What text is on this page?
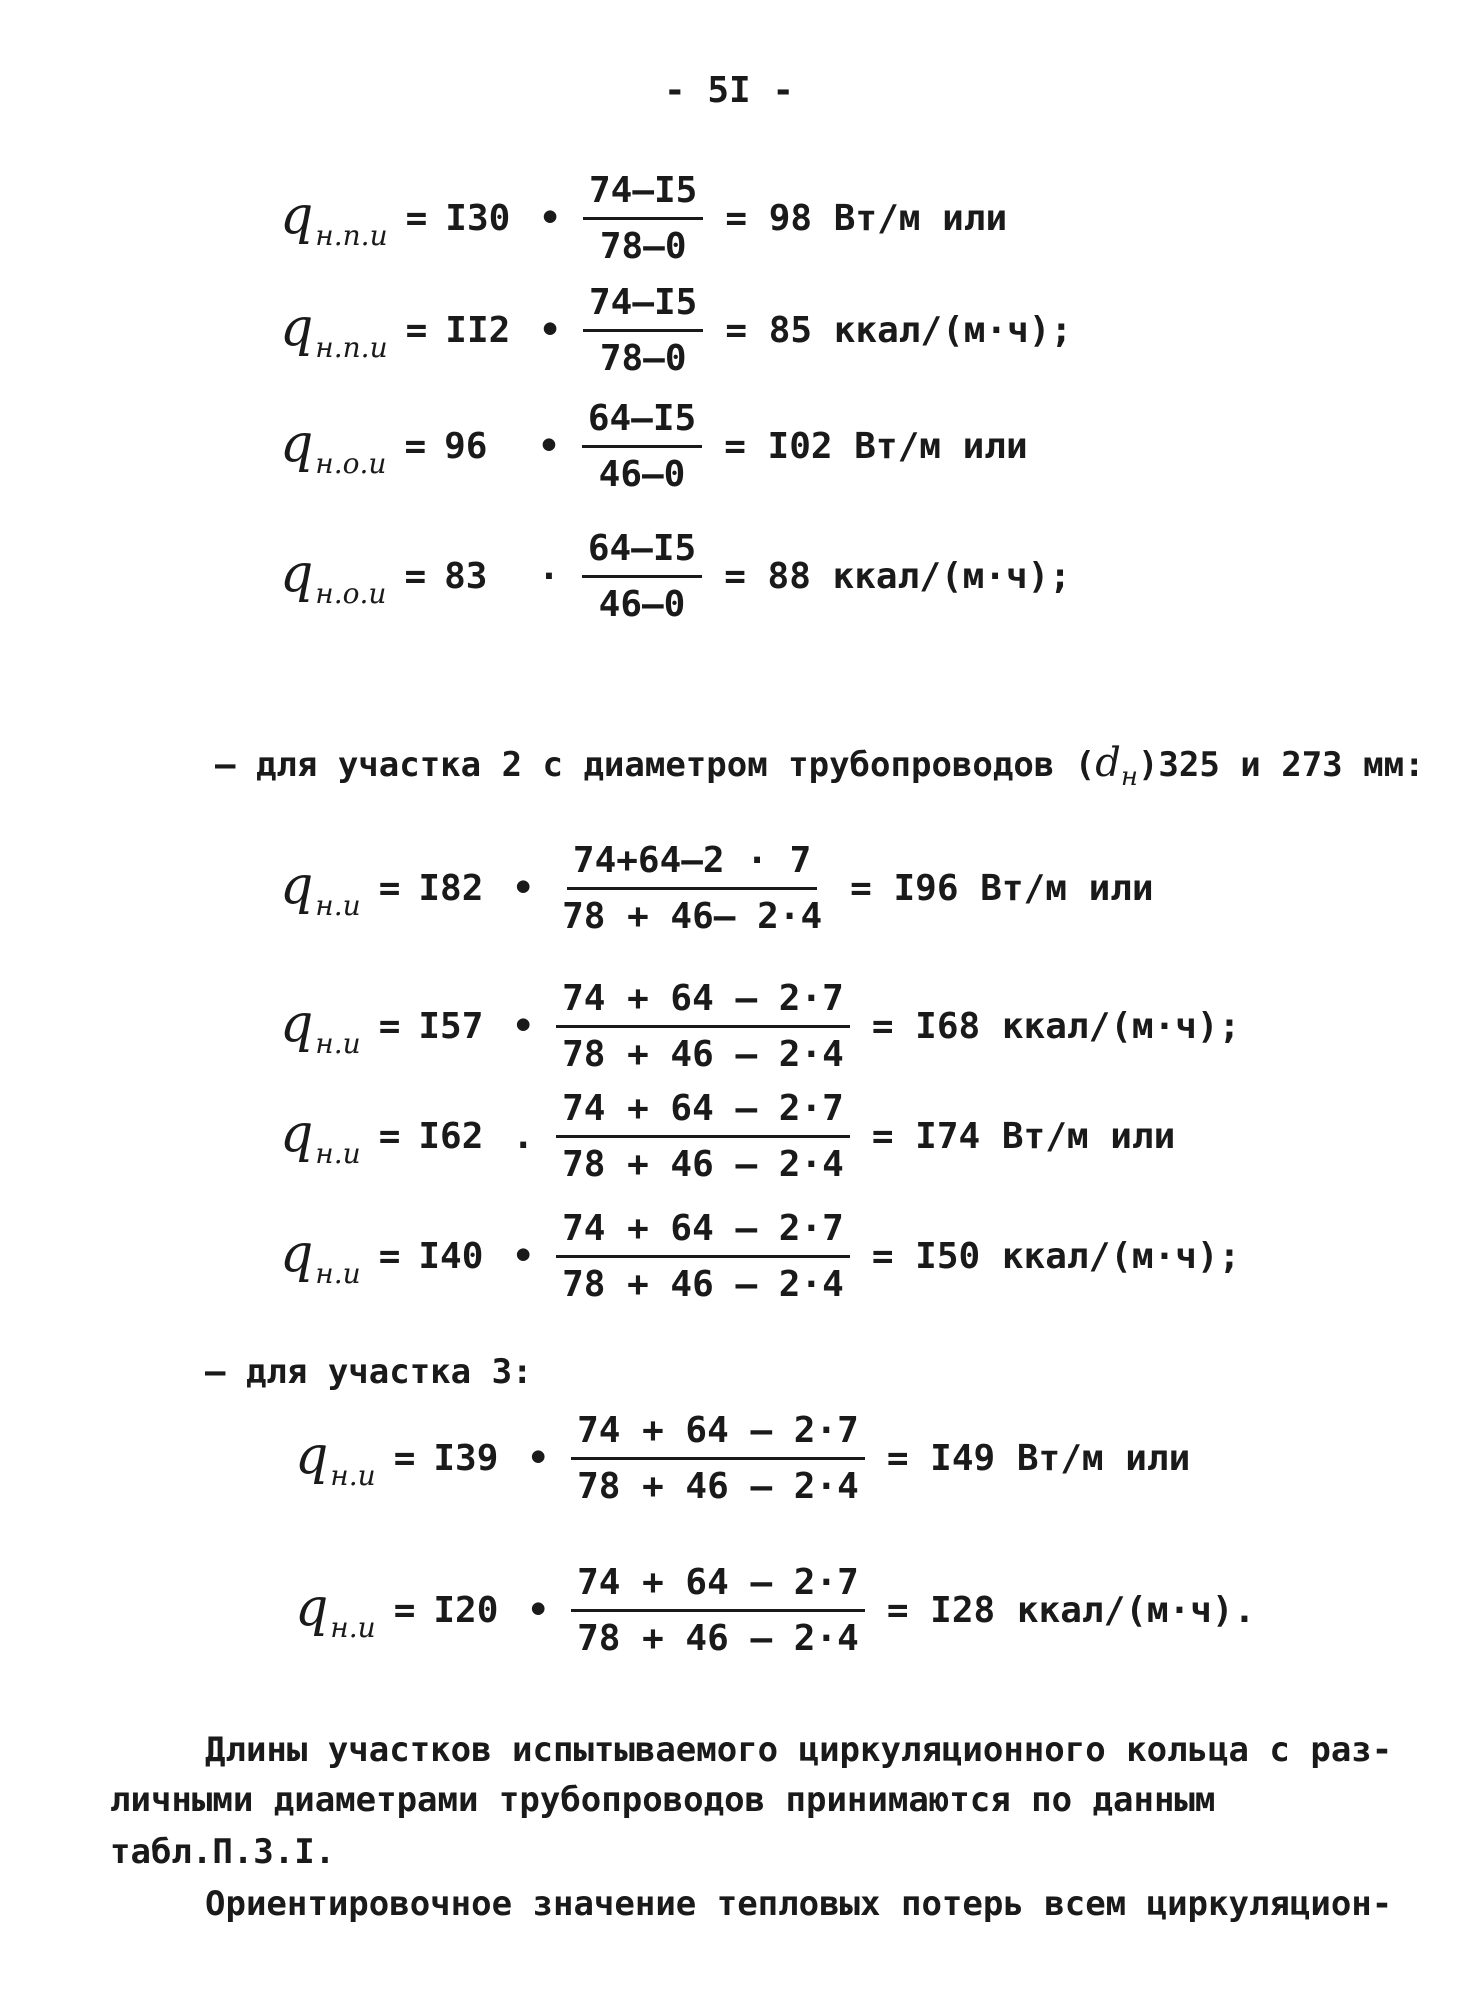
- 5I -
$q_{н.п.и} = I30$ • $\frac{74-I5}{78-0} = 98$ Вт/м или
$q_{н.п.и} = II2$ • $\frac{74-I5}{78-0} = 85$ ккал/(м·ч);
$q_{н.о.и} = 96$	• $\frac{64-I5}{46-0} = I02$ Вт/м или
$q_{н.о.и} = 83$	· $\frac{64-I5}{46-0} = 88$ ккал/(м·ч);
– для участка 2 с диаметром трубопроводов $(d_н)325$ и 273 мм:
$q_{н.и} = I82$ • $\frac{74+64-2 \cdot 7}{78 + 46- 2\cdot 4} = I96$ Вт/м или
$q_{н.и} = I57$ • $\frac{74 + 64 - 2\cdot 7}{78 + 46 - 2\cdot 4} = I68$ ккал/(м·ч);
$q_{н.и} = I62$ . $\frac{74 + 64 - 2\cdot 7}{78 + 46 - 2\cdot 4} = I74$ Вт/м или
$q_{н.и} = I40$ • $\frac{74 + 64 - 2\cdot 7}{78 + 46 - 2\cdot 4} = I50$ ккал/(м·ч);
– для участка 3:
$q_{н.и} = I39$ • $\frac{74 + 64 - 2\cdot 7}{78 + 46 - 2\cdot 4} = I49$ Вт/м или
$q_{н.и} = I20$ • $\frac{74 + 64 - 2\cdot 7}{78 + 46 - 2\cdot 4} = I28$ ккал/(м·ч).
Длины участков испытываемого циркуляционного кольца с раз-
личными диаметрами трубопроводов принимаются по данным
табл.П.3.I.
Ориентировочное значение тепловых потерь всем циркуляцион-
